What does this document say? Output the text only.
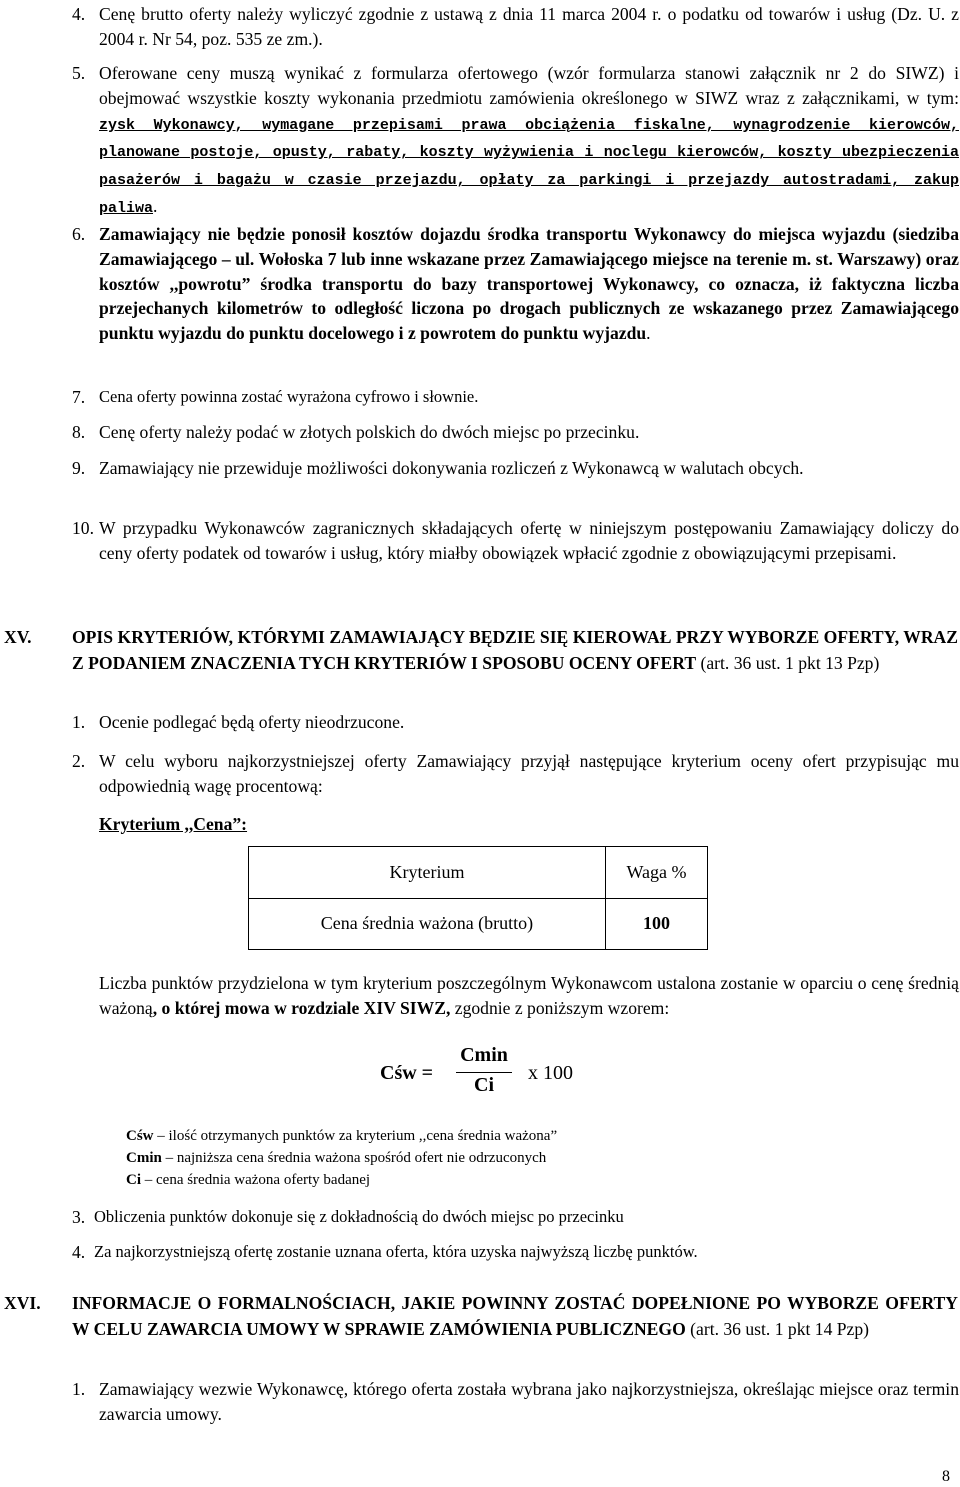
4. Cenę brutto oferty należy wyliczyć zgodnie z ustawą z dnia 11 marca 2004 r. o podatku od towarów i usług (Dz. U. z 2004 r. Nr 54, poz. 535 ze zm.).
5. Oferowane ceny muszą wynikać z formularza ofertowego (wzór formularza stanowi załącznik nr 2 do SIWZ) i obejmować wszystkie koszty wykonania przedmiotu zamówienia określonego w SIWZ wraz z załącznikami, w tym: zysk Wykonawcy, wymagane przepisami prawa obciążenia fiskalne, wynagrodzenie kierowców, planowane postoje, opusty, rabaty, koszty wyżywienia i noclegu kierowców, koszty ubezpieczenia pasażerów i bagażu w czasie przejazdu, opłaty za parkingi i przejazdy autostradami, zakup paliwa.
6. Zamawiający nie będzie ponosił kosztów dojazdu środka transportu Wykonawcy do miejsca wyjazdu (siedziba Zamawiającego – ul. Wołoska 7 lub inne wskazane przez Zamawiającego miejsce na terenie m. st. Warszawy) oraz kosztów ,,powrotu” środka transportu do bazy transportowej Wykonawcy, co oznacza, iż faktyczna liczba przejechanych kilometrów to odległość liczona po drogach publicznych ze wskazanego przez Zamawiającego punktu wyjazdu do punktu docelowego i z powrotem do punktu wyjazdu.
7. Cena oferty powinna zostać wyrażona cyfrowo i słownie.
8. Cenę oferty należy podać w złotych polskich do dwóch miejsc po przecinku.
9. Zamawiający nie przewiduje możliwości dokonywania rozliczeń z Wykonawcą w walutach obcych.
10. W przypadku Wykonawców zagranicznych składających ofertę w niniejszym postępowaniu Zamawiający doliczy do ceny oferty podatek od towarów i usług, który miałby obowiązek wpłacić zgodnie z obowiązującymi przepisami.
XV. OPIS KRYTERIÓW, KTÓRYMI ZAMAWIAJĄCY BĘDZIE SIĘ KIEROWAŁ PRZY WYBORZE OFERTY, WRAZ Z PODANIEM ZNACZENIA TYCH KRYTERIÓW I SPOSOBU OCENY OFERT (art. 36 ust. 1 pkt 13 Pzp)
1. Ocenie podlegać będą oferty nieodrzucone.
2. W celu wyboru najkorzystniejszej oferty Zamawiający przyjął następujące kryterium oceny ofert przypisując mu odpowiednią wagę procentową:
Kryterium ,,Cena”:
Kryterium	Waga %
Cena średnia ważona (brutto)	100
Liczba punktów przydzielona w tym kryterium poszczególnym Wykonawcom ustalona zostanie w oparciu o cenę średnią ważoną, o której mowa w rozdziale XIV SIWZ, zgodnie z poniższym wzorem:
Cśw =
Cmin
Ci
x 100
Cśw – ilość otrzymanych punktów za kryterium ,,cena średnia ważona”
Cmin – najniższa cena średnia ważona spośród ofert nie odrzuconych
Ci – cena średnia ważona oferty badanej
3. Obliczenia punktów dokonuje się z dokładnością do dwóch miejsc po przecinku
4. Za najkorzystniejszą ofertę zostanie uznana oferta, która uzyska najwyższą liczbę punktów.
XVI. INFORMACJE O FORMALNOŚCIACH, JAKIE POWINNY ZOSTAĆ DOPEŁNIONE PO WYBORZE OFERTY W CELU ZAWARCIA UMOWY W SPRAWIE ZAMÓWIENIA PUBLICZNEGO (art. 36 ust. 1 pkt 14 Pzp)
1. Zamawiający wezwie Wykonawcę, którego oferta została wybrana jako najkorzystniejsza, określając miejsce oraz termin zawarcia umowy.
8
